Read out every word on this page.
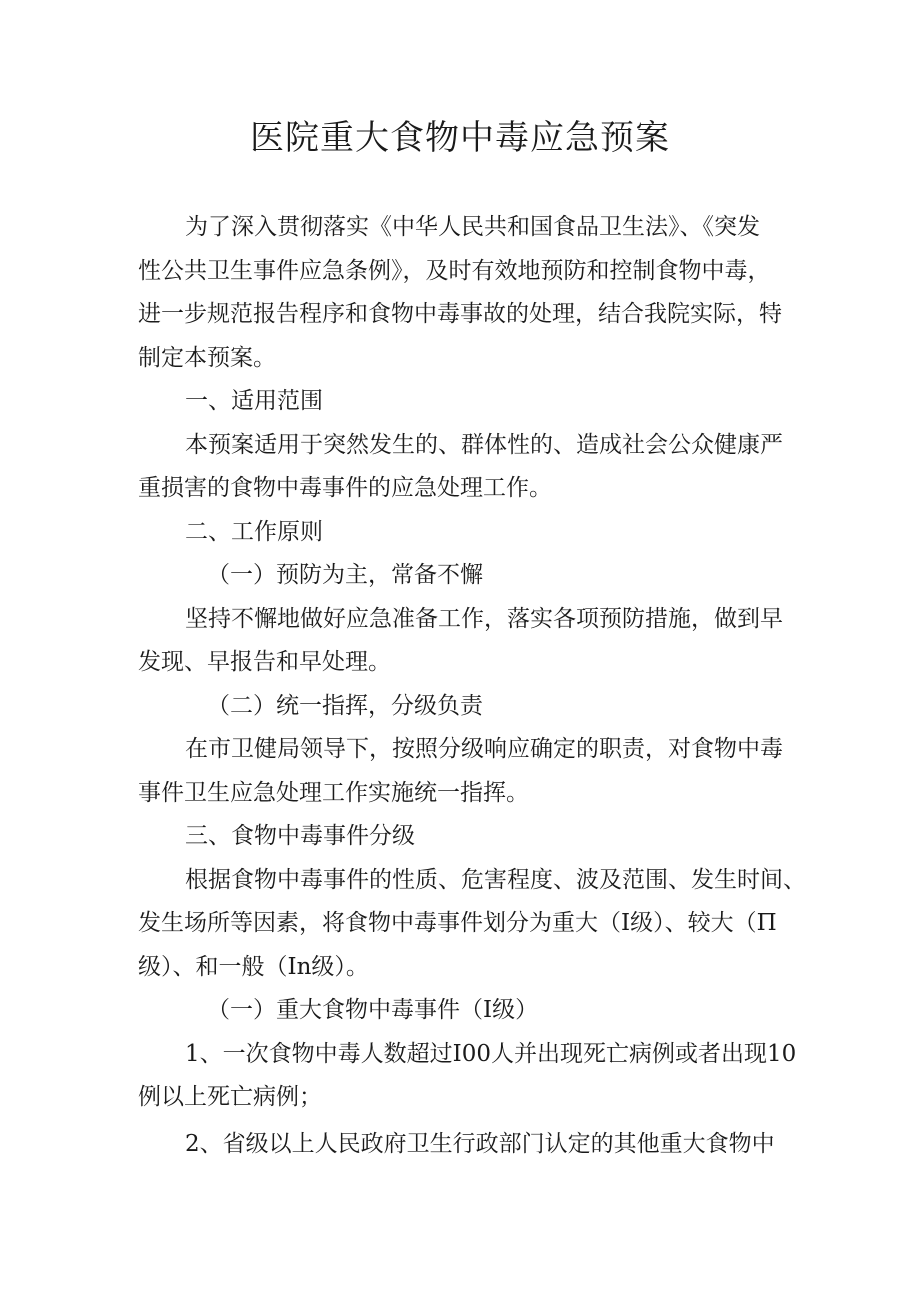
医院重大食物中毒应急预案
为了深入贯彻落实《中华人民共和国食品卫生法》、《突发
性公共卫生事件应急条例》，及时有效地预防和控制食物中毒，
进一步规范报告程序和食物中毒事故的处理，结合我院实际，特
制定本预案。
一、适用范围
本预案适用于突然发生的、群体性的、造成社会公众健康严
重损害的食物中毒事件的应急处理工作。
二、工作原则
（一）预防为主，常备不懈
坚持不懈地做好应急准备工作，落实各项预防措施，做到早
发现、早报告和早处理。
（二）统一指挥，分级负责
在市卫健局领导下，按照分级响应确定的职责，对食物中毒
事件卫生应急处理工作实施统一指挥。
三、食物中毒事件分级
根据食物中毒事件的性质、危害程度、波及范围、发生时间、
发生场所等因素，将食物中毒事件划分为重大（I级）、较大（П
级）、和一般（In级）。
（一）重大食物中毒事件（I级）
1、一次食物中毒人数超过I00人并出现死亡病例或者出现10
例以上死亡病例；
2、省级以上人民政府卫生行政部门认定的其他重大食物中
